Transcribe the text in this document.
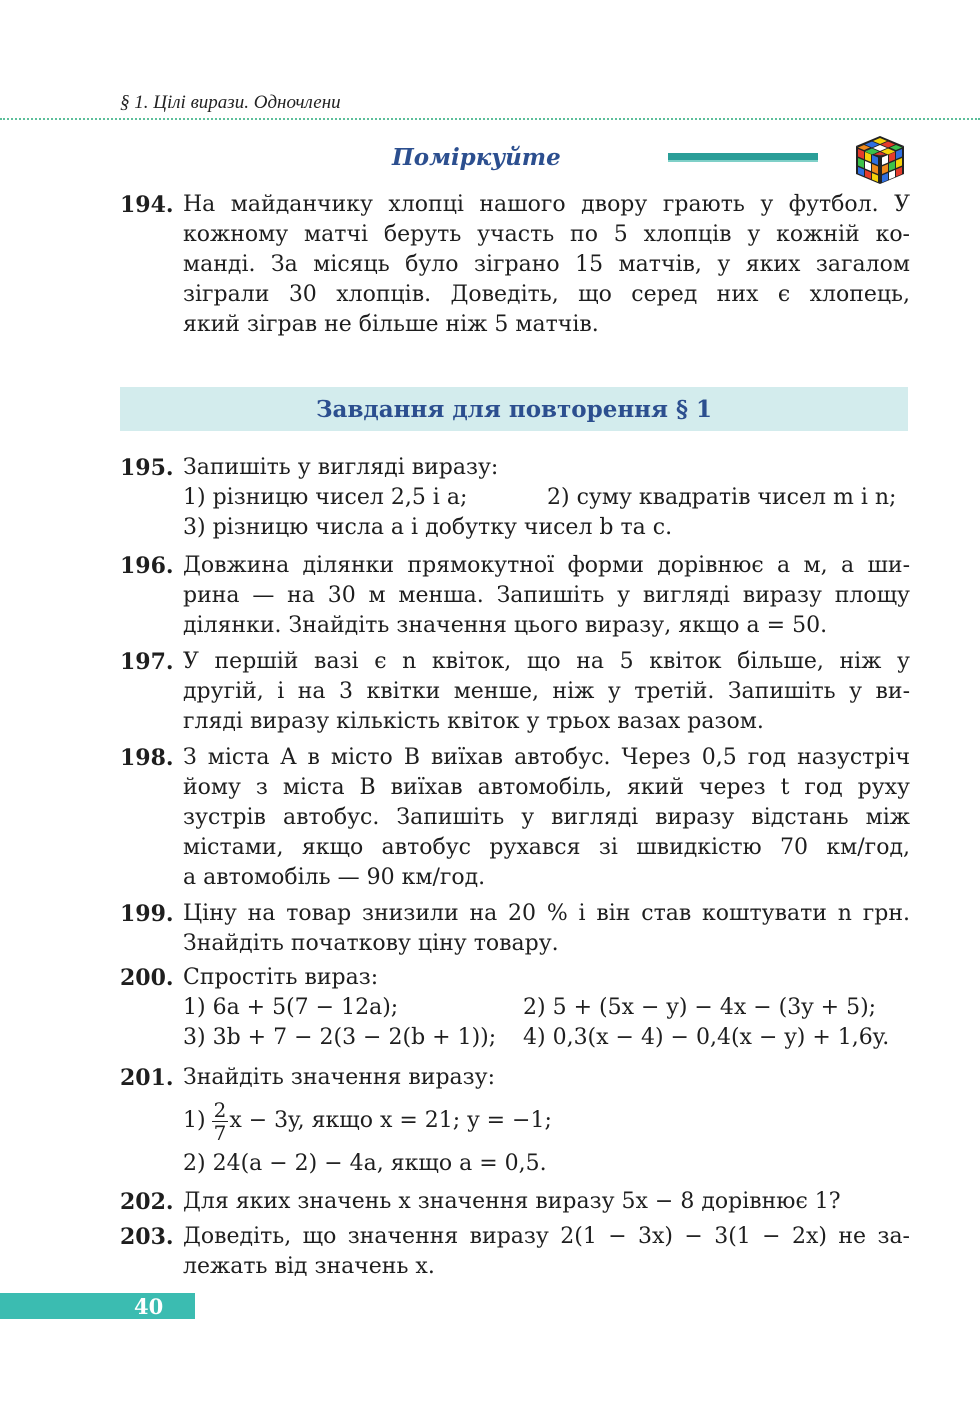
§ 1. Цілі вирази. Одночлени
Поміркуйте
194. На майданчику хлопці нашого двору грають у футбол. У
кожному матчі беруть участь по 5 хлопців у кожній ко-
манді. За місяць було зіграно 15 матчів, у яких загалом
зіграли 30 хлопців. Доведіть, що серед них є хлопець,
який зіграв не більше ніж 5 матчів.
Завдання для повторення § 1
195. Запишіть у вигляді виразу:
1) різницю чисел 2,5 і а;	2) суму квадратів чисел m і n;
3) різницю числа a і добутку чисел b та c.
196. Довжина ділянки прямокутної форми дорівнює a м, а ши-
рина — на 30 м менша. Запишіть у вигляді виразу площу
ділянки. Знайдіть значення цього виразу, якщо a = 50.
197. У першій вазі є n квіток, що на 5 квіток більше, ніж у
другій, і на 3 квітки менше, ніж у третій. Запишіть у ви-
гляді виразу кількість квіток у трьох вазах разом.
198. З міста A в місто B виїхав автобус. Через 0,5 год назустріч
йому з міста B виїхав автомобіль, який через t год руху
зустрів автобус. Запишіть у вигляді виразу відстань між
містами, якщо автобус рухався зі швидкістю 70 км/год,
а автомобіль — 90 км/год.
199. Ціну на товар знизили на 20 % і він став коштувати n грн.
Знайдіть початкову ціну товару.
200. Спростіть вираз:
1) 6a + 5(7 − 12a);	2) 5 + (5x − y) − 4x − (3y + 5);
3) 3b + 7 − 2(3 − 2(b + 1)); 4) 0,3(x − 4) − 0,4(x − y) + 1,6y.
201. Знайдіть значення виразу:
$1) \frac{2}{7}$ x − 3y, якщо x = 21; y = −1;
2) 24(a − 2) − 4a, якщо a = 0,5.
202. Для яких значень x значення виразу 5x − 8 дорівнює 1?
203. Доведіть, що значення виразу 2(1 − 3x) − 3(1 − 2x) не за-
лежать від значень x.
40
